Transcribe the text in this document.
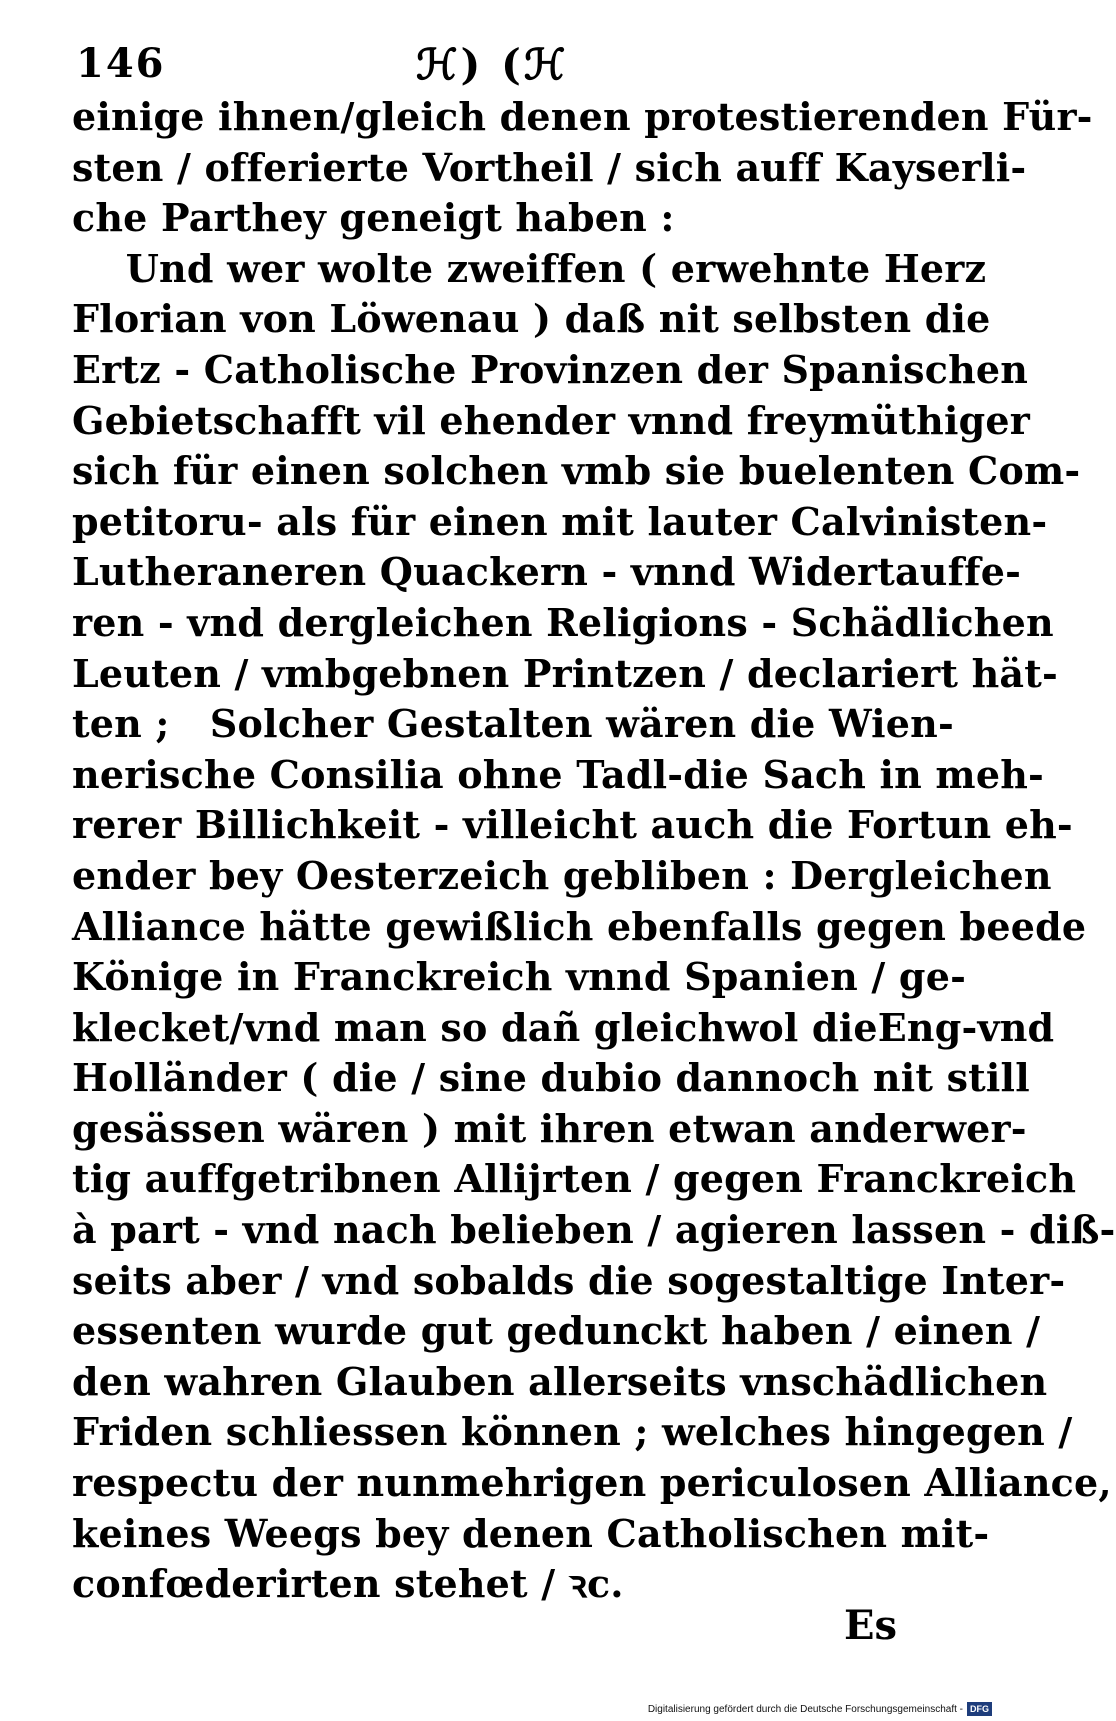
146	ℋ) (ℋ
einige ihnen/gleich denen protestierenden Für-
sten / offerierte Vortheil / sich auff Kayserli-
che Parthey geneigt haben :
Und wer wolte zweiffen ( erwehnte Herz
Florian von Löwenau ) daß nit selbsten die
Ertz - Catholische Provinzen der Spanischen
Gebietschafft vil ehender vnnd freymüthiger
sich für einen solchen vmb sie buelenten Com-
petitoru- als für einen mit lauter Calvinisten-
Lutheraneren Quackern - vnnd Widertauffe-
ren - vnd dergleichen Religions - Schädlichen
Leuten / vmbgebnen Printzen / declariert hät-
ten ;   Solcher Gestalten wären die Wien-
nerische Consilia ohne Tadl-die Sach in meh-
rerer Billichkeit - villeicht auch die Fortun eh-
ender bey Oesterzeich gebliben : Dergleichen
Alliance hätte gewißlich ebenfalls gegen beede
Könige in Franckreich vnnd Spanien / ge-
klecket/vnd man so dañ gleichwol dieEng-vnd
Holländer ( die / sine dubio dannoch nit still
gesässen wären ) mit ihren etwan anderwer-
tig auffgetribnen Allijrten / gegen Franckreich
à part - vnd nach belieben / agieren lassen - diß-
seits aber / vnd sobalds die sogestaltige Inter-
essenten wurde gut gedunckt haben / einen /
den wahren Glauben allerseits vnschädlichen
Friden schliessen können ; welches hingegen /
respectu der nunmehrigen periculosen Alliance,
keines Weegs bey denen Catholischen mit-
confœderirten stehet / ꝛc.
Es
Digitalisierung gefördert durch die Deutsche Forschungsgemeinschaft - DFG
